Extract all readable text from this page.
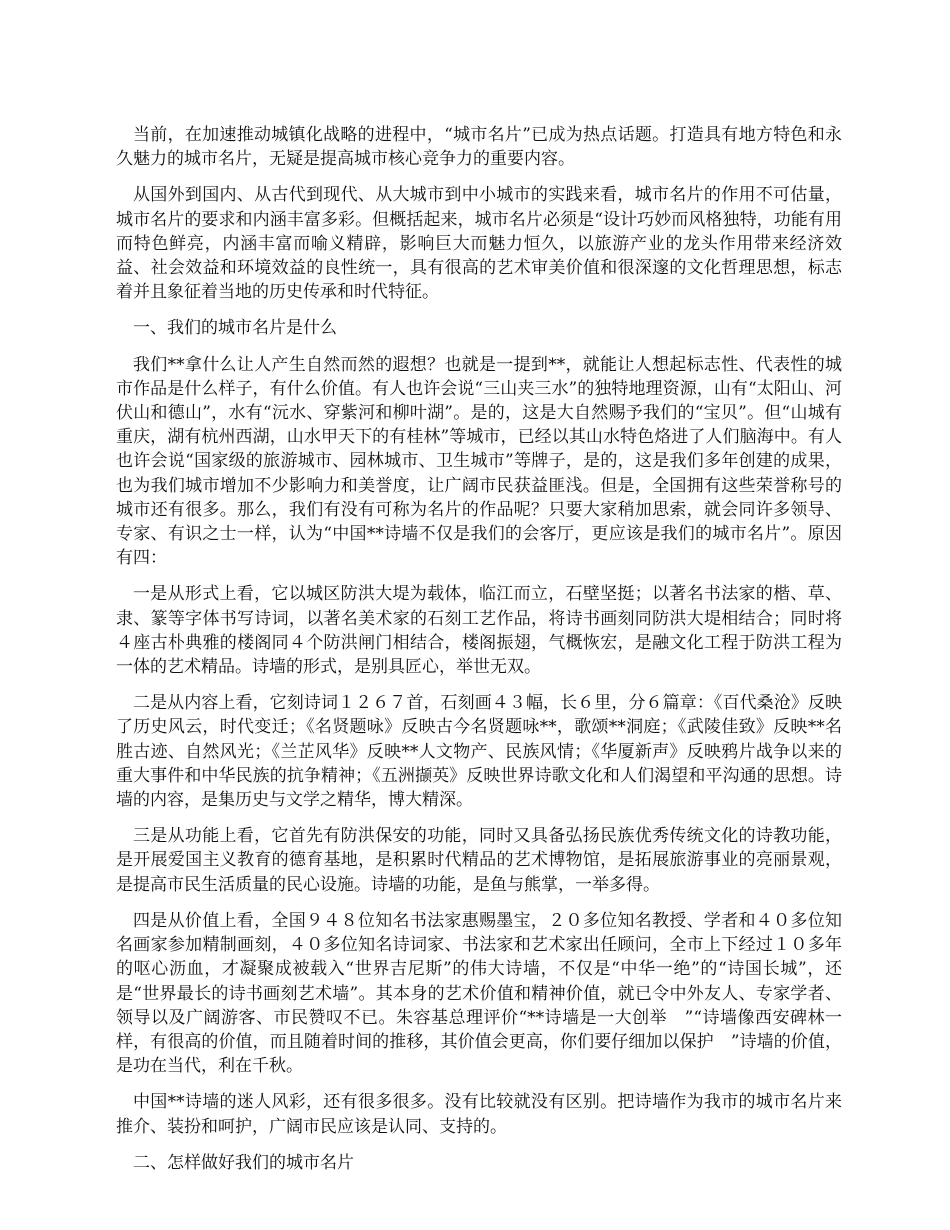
当前，在加速推动城镇化战略的进程中，“城市名片”已成为热点话题。打造具有地方特色和永久魅力的城市名片，无疑是提高城市核心竞争力的重要内容。

从国外到国内、从古代到现代、从大城市到中小城市的实践来看，城市名片的作用不可估量，城市名片的要求和内涵丰富多彩。但概括起来，城市名片必须是“设计巧妙而风格独特，功能有用而特色鲜亮，内涵丰富而喻义精辟，影响巨大而魅力恒久，以旅游产业的龙头作用带来经济效益、社会效益和环境效益的良性统一，具有很高的艺术审美价值和很深邃的文化哲理思想，标志着并且象征着当地的历史传承和时代特征。

一、我们的城市名片是什么

我们**拿什么让人产生自然而然的遐想？也就是一提到**，就能让人想起标志性、代表性的城市作品是什么样子，有什么价值。有人也许会说“三山夹三水”的独特地理资源，山有“太阳山、河伏山和德山”，水有“沅水、穿紫河和柳叶湖”。是的，这是大自然赐予我们的“宝贝”。但“山城有重庆，湖有杭州西湖，山水甲天下的有桂林”等城市，已经以其山水特色烙进了人们脑海中。有人也许会说“国家级的旅游城市、园林城市、卫生城市”等牌子，是的，这是我们多年创建的成果，也为我们城市增加不少影响力和美誉度，让广阔市民获益匪浅。但是，全国拥有这些荣誉称号的城市还有很多。那么，我们有没有可称为名片的作品呢？只要大家稍加思索，就会同许多领导、专家、有识之士一样，认为“中国**诗墙不仅是我们的会客厅，更应该是我们的城市名片”。原因有四：

一是从形式上看，它以城区防洪大堤为载体，临江而立，石壁坚挺；以著名书法家的楷、草、隶、篆等字体书写诗词，以著名美术家的石刻工艺作品，将诗书画刻同防洪大堤相结合；同时将４座古朴典雅的楼阁同４个防洪闸门相结合，楼阁振翅，气概恢宏，是融文化工程于防洪工程为一体的艺术精品。诗墙的形式，是别具匠心，举世无双。

二是从内容上看，它刻诗词１２６７首，石刻画４３幅，长６里，分６篇章：《百代桑沧》反映了历史风云，时代变迁；《名贤题咏》反映古今名贤题咏**，歌颂**洞庭；《武陵佳致》反映**名胜古迹、自然风光；《兰芷风华》反映**人文物产、民族风情；《华厦新声》反映鸦片战争以来的重大事件和中华民族的抗争精神；《五洲撷英》反映世界诗歌文化和人们渴望和平沟通的思想。诗墙的内容，是集历史与文学之精华，博大精深。

三是从功能上看，它首先有防洪保安的功能，同时又具备弘扬民族优秀传统文化的诗教功能，是开展爱国主义教育的德育基地，是积累时代精品的艺术博物馆，是拓展旅游事业的亮丽景观，是提高市民生活质量的民心设施。诗墙的功能，是鱼与熊掌，一举多得。

四是从价值上看，全国９４８位知名书法家惠赐墨宝，２０多位知名教授、学者和４０多位知名画家参加精制画刻，４０多位知名诗词家、书法家和艺术家出任顾问，全市上下经过１０多年的呕心沥血，才凝聚成被载入“世界吉尼斯”的伟大诗墙，不仅是“中华一绝”的“诗国长城”，还是“世界最长的诗书画刻艺术墙”。其本身的艺术价值和精神价值，就已令中外友人、专家学者、领导以及广阔游客、市民赞叹不已。朱容基总理评价“**诗墙是一大创举　”“诗墙像西安碑林一样，有很高的价值，而且随着时间的推移，其价值会更高，你们要仔细加以保护　”诗墙的价值，是功在当代，利在千秋。

中国**诗墙的迷人风彩，还有很多很多。没有比较就没有区别。把诗墙作为我市的城市名片来推介、装扮和呵护，广阔市民应该是认同、支持的。

二、怎样做好我们的城市名片
